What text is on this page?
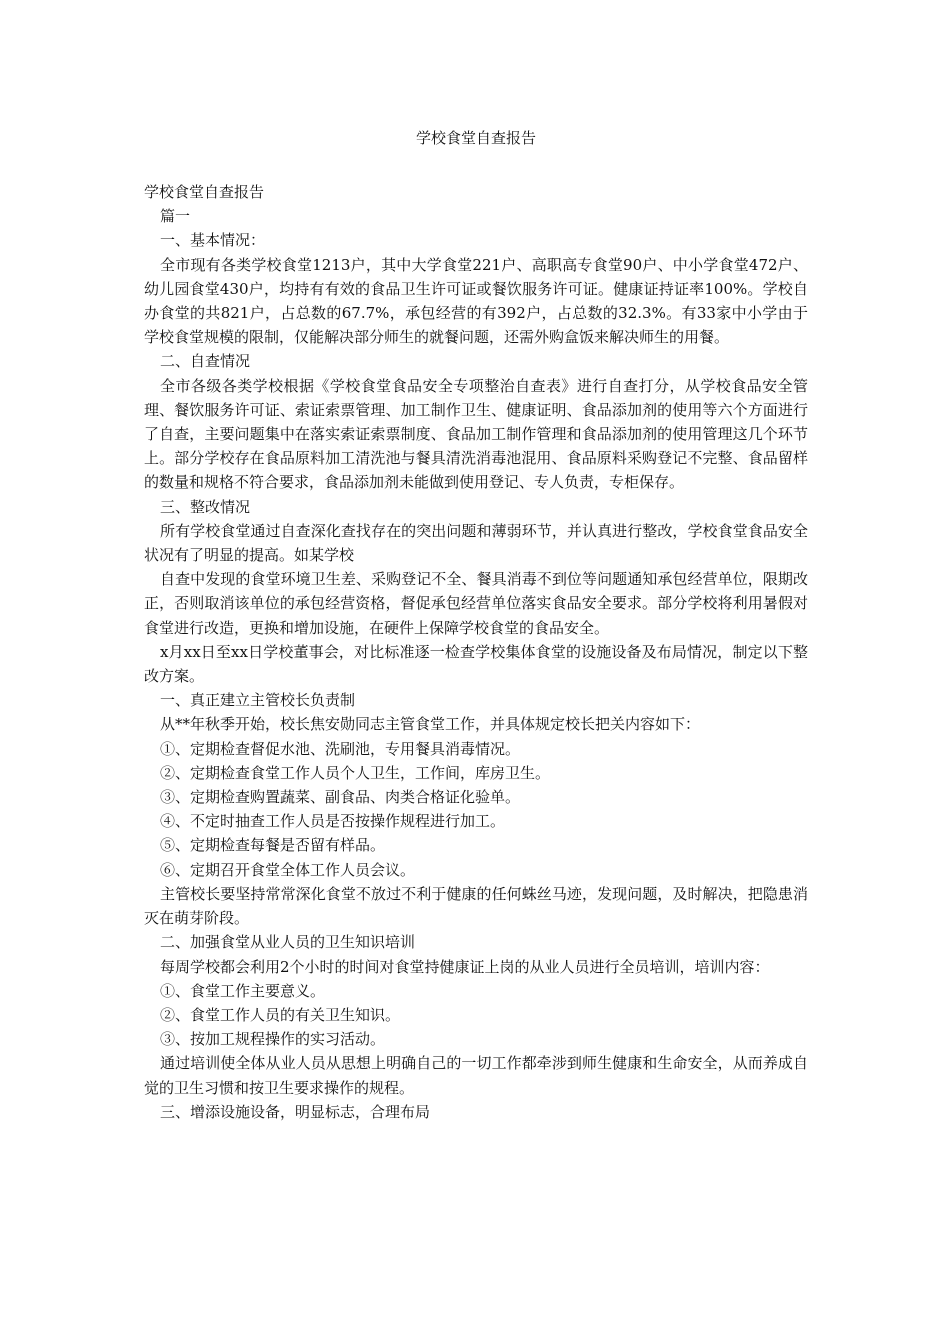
学校食堂自查报告

学校食堂自查报告

篇一

一、基本情况：

全市现有各类学校食堂1213户，其中大学食堂221户、高职高专食堂90户、中小学食堂472户、幼儿园食堂430户，均持有有效的食品卫生许可证或餐饮服务许可证。健康证持证率100%。学校自办食堂的共821户，占总数的67.7%，承包经营的有392户，占总数的32.3%。有33家中小学由于学校食堂规模的限制，仅能解决部分师生的就餐问题，还需外购盒饭来解决师生的用餐。

二、自查情况

全市各级各类学校根据《学校食堂食品安全专项整治自查表》进行自查打分，从学校食品安全管理、餐饮服务许可证、索证索票管理、加工制作卫生、健康证明、食品添加剂的使用等六个方面进行了自查，主要问题集中在落实索证索票制度、食品加工制作管理和食品添加剂的使用管理这几个环节上。部分学校存在食品原料加工清洗池与餐具清洗消毒池混用、食品原料采购登记不完整、食品留样的数量和规格不符合要求，食品添加剂未能做到使用登记、专人负责，专柜保存。

三、整改情况

所有学校食堂通过自查深化查找存在的突出问题和薄弱环节，并认真进行整改，学校食堂食品安全状况有了明显的提高。如某学校

自查中发现的食堂环境卫生差、采购登记不全、餐具消毒不到位等问题通知承包经营单位，限期改正，否则取消该单位的承包经营资格，督促承包经营单位落实食品安全要求。部分学校将利用暑假对食堂进行改造，更换和增加设施，在硬件上保障学校食堂的食品安全。

x月xx日至xx日学校董事会，对比标准逐一检查学校集体食堂的设施设备及布局情况，制定以下整改方案。

一、真正建立主管校长负责制

从**年秋季开始，校长焦安勋同志主管食堂工作，并具体规定校长把关内容如下：

①、定期检查督促水池、洗刷池，专用餐具消毒情况。

②、定期检查食堂工作人员个人卫生，工作间，库房卫生。

③、定期检查购置蔬菜、副食品、肉类合格证化验单。

④、不定时抽查工作人员是否按操作规程进行加工。

⑤、定期检查每餐是否留有样品。

⑥、定期召开食堂全体工作人员会议。

主管校长要坚持常常深化食堂不放过不利于健康的任何蛛丝马迹，发现问题，及时解决，把隐患消灭在萌芽阶段。

二、加强食堂从业人员的卫生知识培训

每周学校都会利用2个小时的时间对食堂持健康证上岗的从业人员进行全员培训，培训内容：

①、食堂工作主要意义。

②、食堂工作人员的有关卫生知识。

③、按加工规程操作的实习活动。

通过培训使全体从业人员从思想上明确自己的一切工作都牵涉到师生健康和生命安全，从而养成自觉的卫生习惯和按卫生要求操作的规程。

三、增添设施设备，明显标志，合理布局
